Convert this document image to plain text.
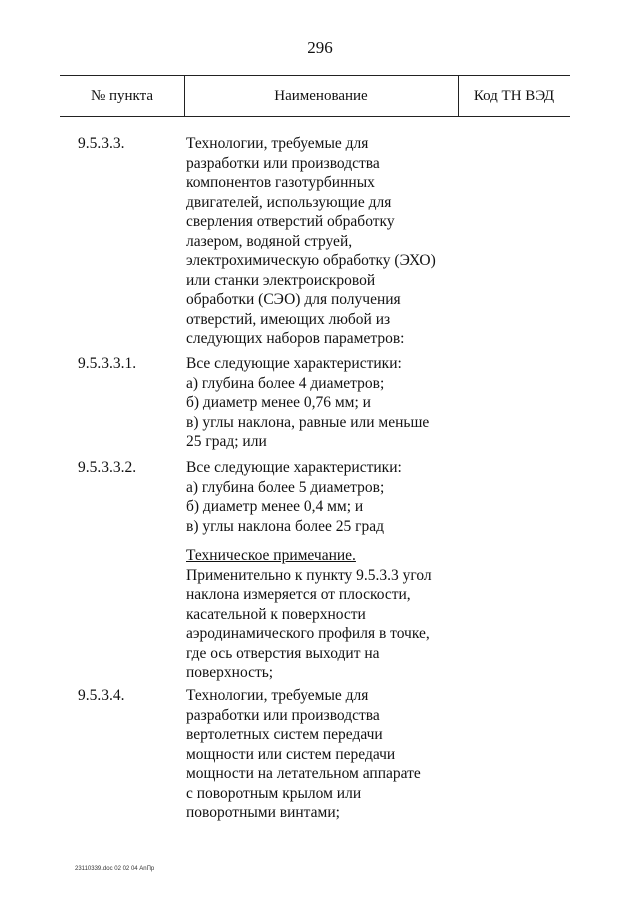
296
№ пункта	Наименование	Код ТН ВЭД
9.5.3.3.	Технологии, требуемые для
разработки или производства
компонентов газотурбинных
двигателей, использующие для
сверления отверстий обработку
лазером, водяной струей,
электрохимическую обработку (ЭХО)
или станки электроискровой
обработки (СЭО) для получения
отверстий, имеющих любой из
следующих наборов параметров:
9.5.3.3.1.	Все следующие характеристики:
а) глубина более 4 диаметров;
б) диаметр менее 0,76 мм; и
в) углы наклона, равные или меньше
25 град; или
9.5.3.3.2.	Все следующие характеристики:
а) глубина более 5 диаметров;
б) диаметр менее 0,4 мм; и
в) углы наклона более 25 град
Техническое примечание.
Применительно к пункту 9.5.3.3 угол
наклона измеряется от плоскости,
касательной к поверхности
аэродинамического профиля в точке,
где ось отверстия выходит на
поверхность;
9.5.3.4.	Технологии, требуемые для
разработки или производства
вертолетных систем передачи
мощности или систем передачи
мощности на летательном аппарате
с поворотным крылом или
поворотными винтами;
23110339.doc 02 02 04 АnПр
